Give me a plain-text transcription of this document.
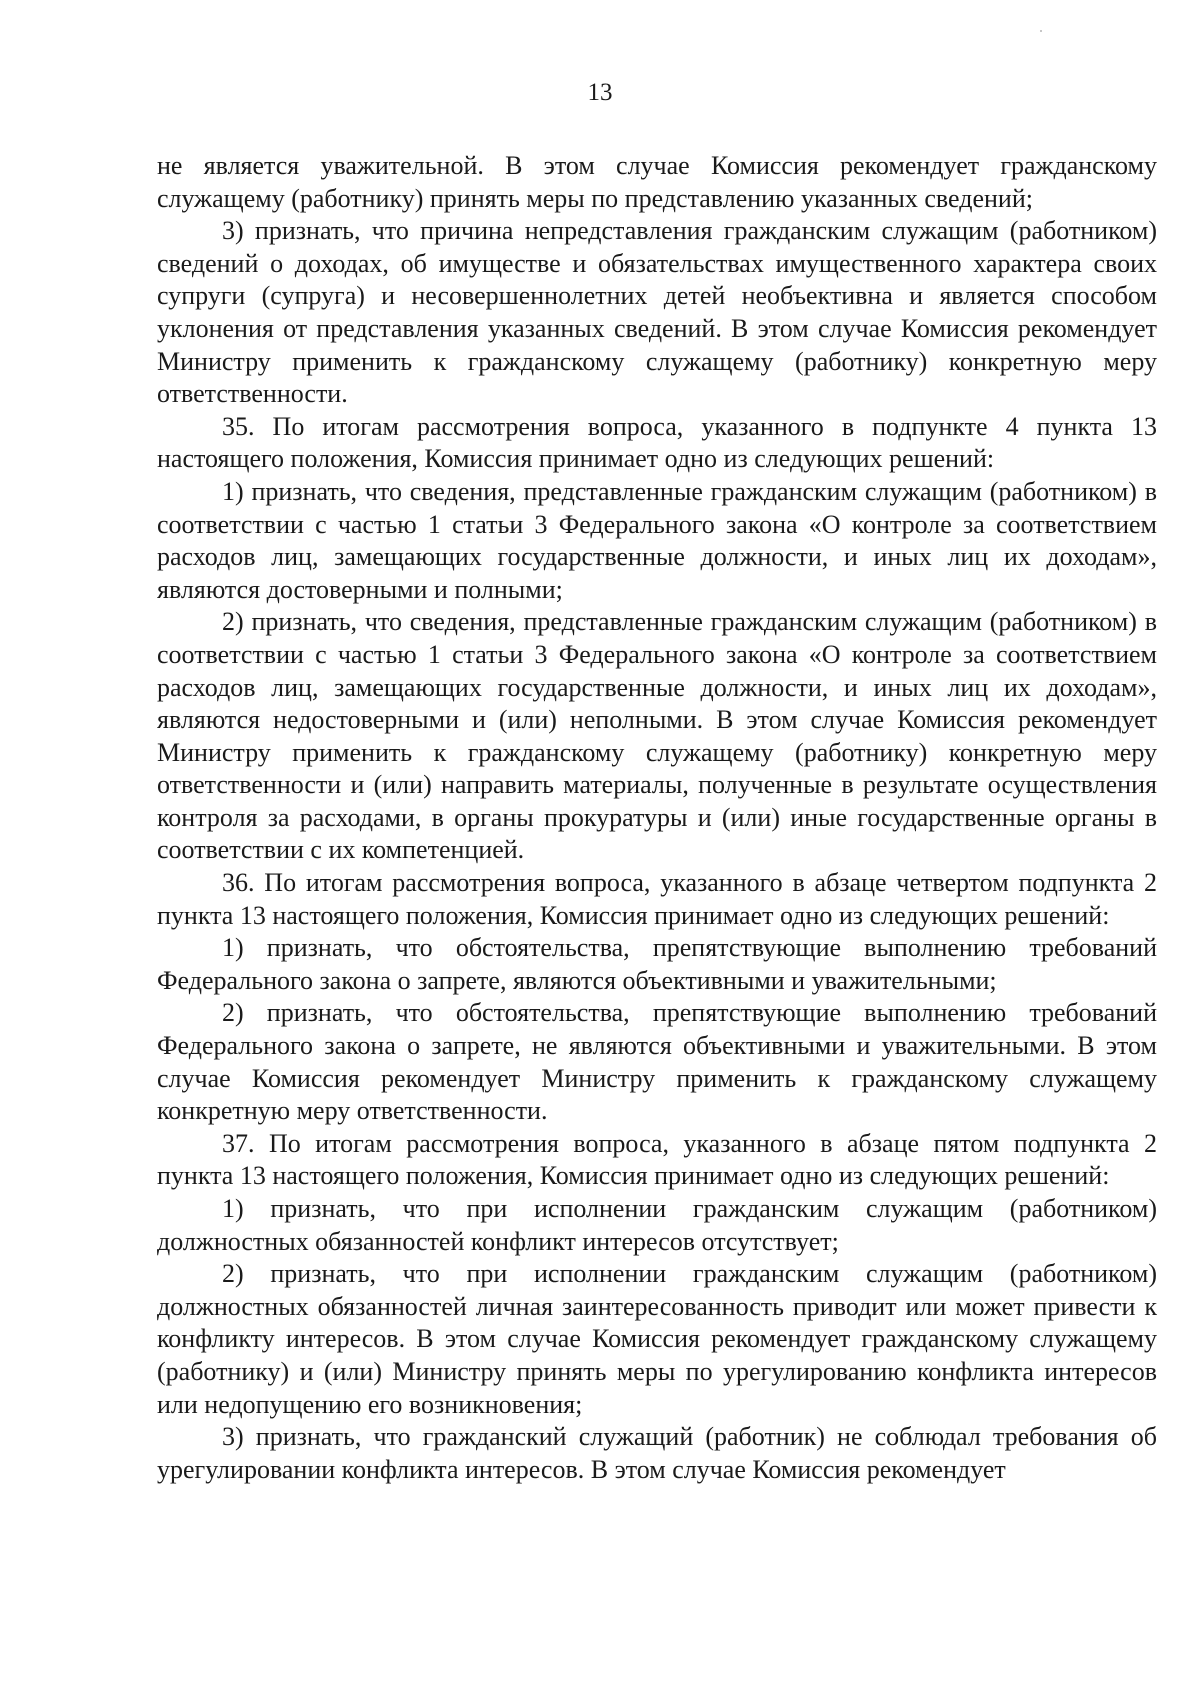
13

не является уважительной. В этом случае Комиссия рекомендует гражданскому служащему (работнику) принять меры по представлению указанных сведений;

3) признать, что причина непредставления гражданским служащим (работником) сведений о доходах, об имуществе и обязательствах имущественного характера своих супруги (супруга) и несовершеннолетних детей необъективна и является способом уклонения от представления указанных сведений. В этом случае Комиссия рекомендует Министру применить к гражданскому служащему (работнику) конкретную меру ответственности.

35. По итогам рассмотрения вопроса, указанного в подпункте 4 пункта 13 настоящего положения, Комиссия принимает одно из следующих решений:

1) признать, что сведения, представленные гражданским служащим (работником) в соответствии с частью 1 статьи 3 Федерального закона «О контроле за соответствием расходов лиц, замещающих государственные должности, и иных лиц их доходам», являются достоверными и полными;

2) признать, что сведения, представленные гражданским служащим (работником) в соответствии с частью 1 статьи 3 Федерального закона «О контроле за соответствием расходов лиц, замещающих государственные должности, и иных лиц их доходам», являются недостоверными и (или) неполными. В этом случае Комиссия рекомендует Министру применить к гражданскому служащему (работнику) конкретную меру ответственности и (или) направить материалы, полученные в результате осуществления контроля за расходами, в органы прокуратуры и (или) иные государственные органы в соответствии с их компетенцией.

36. По итогам рассмотрения вопроса, указанного в абзаце четвертом подпункта 2 пункта 13 настоящего положения, Комиссия принимает одно из следующих решений:

1) признать, что обстоятельства, препятствующие выполнению требований Федерального закона о запрете, являются объективными и уважительными;

2) признать, что обстоятельства, препятствующие выполнению требований Федерального закона о запрете, не являются объективными и уважительными. В этом случае Комиссия рекомендует Министру применить к гражданскому служащему конкретную меру ответственности.

37. По итогам рассмотрения вопроса, указанного в абзаце пятом подпункта 2 пункта 13 настоящего положения, Комиссия принимает одно из следующих решений:

1) признать, что при исполнении гражданским служащим (работником) должностных обязанностей конфликт интересов отсутствует;

2) признать, что при исполнении гражданским служащим (работником) должностных обязанностей личная заинтересованность приводит или может привести к конфликту интересов. В этом случае Комиссия рекомендует гражданскому служащему (работнику) и (или) Министру принять меры по урегулированию конфликта интересов или недопущению его возникновения;

3) признать, что гражданский служащий (работник) не соблюдал требования об урегулировании конфликта интересов. В этом случае Комиссия рекомендует
